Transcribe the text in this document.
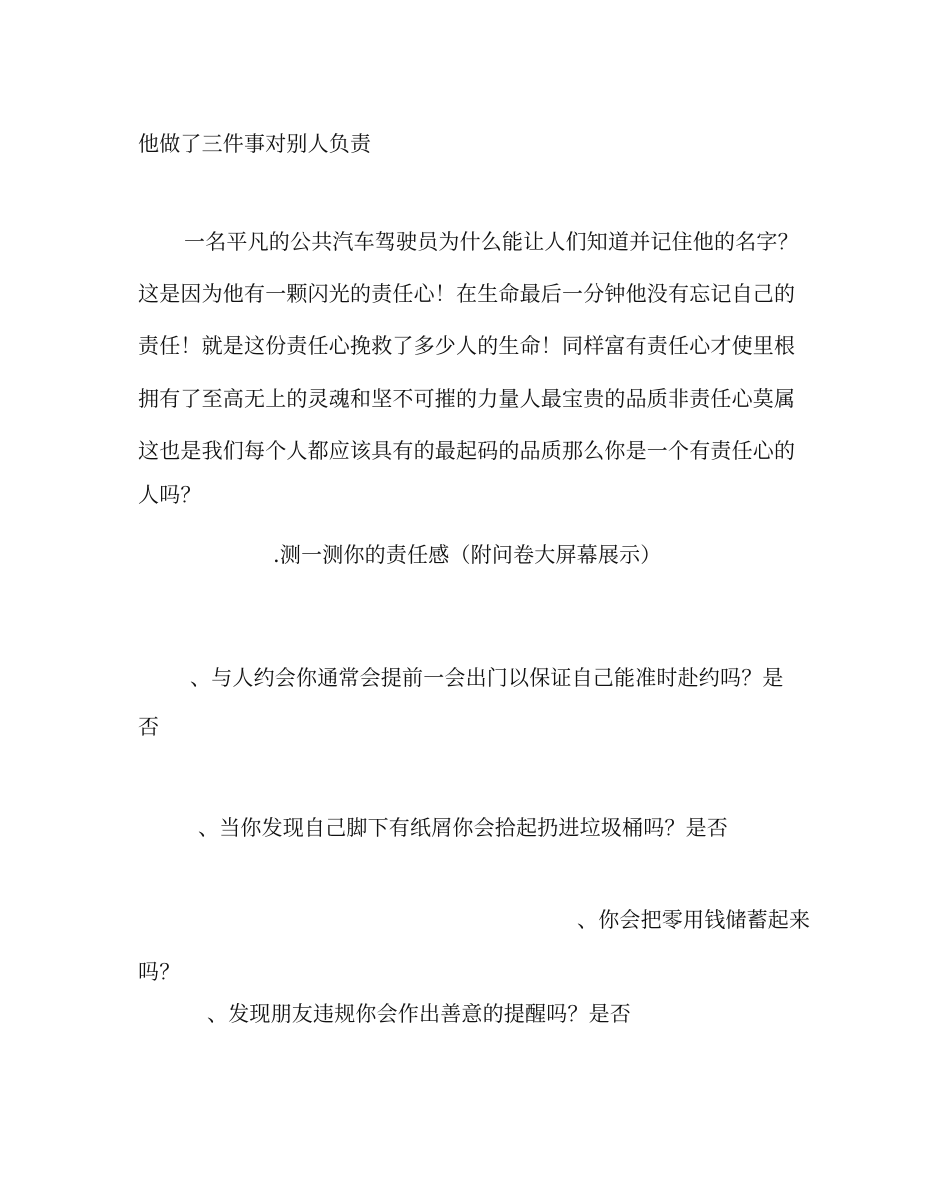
他做了三件事对别人负责
一名平凡的公共汽车驾驶员为什么能让人们知道并记住他的名字？
这是因为他有一颗闪光的责任心！在生命最后一分钟他没有忘记自己的
责任！就是这份责任心挽救了多少人的生命！同样富有责任心才使里根
拥有了至高无上的灵魂和坚不可摧的力量人最宝贵的品质非责任心莫属
这也是我们每个人都应该具有的最起码的品质那么你是一个有责任心的
人吗？
.测一测你的责任感（附问卷大屏幕展示）
、与人约会你通常会提前一会出门以保证自己能准时赴约吗？是
否
、当你发现自己脚下有纸屑你会拾起扔进垃圾桶吗？是否
、你会把零用钱储蓄起来
吗？
、发现朋友违规你会作出善意的提醒吗？是否
